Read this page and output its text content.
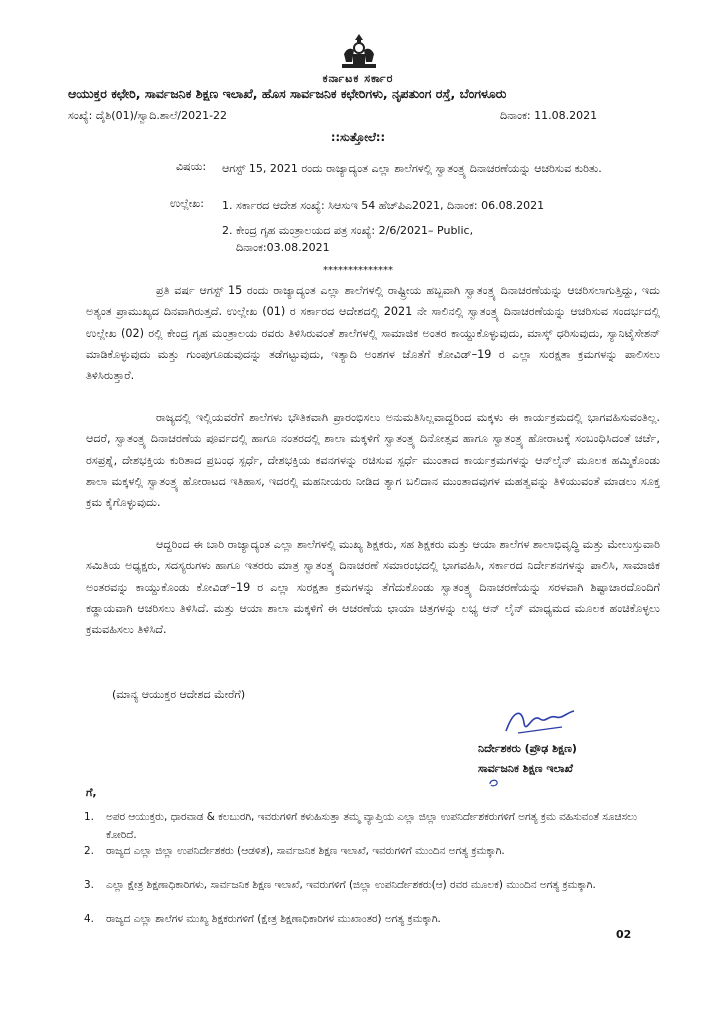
ಕರ್ನಾಟಕ ಸರ್ಕಾರ
ಆಯುಕ್ತರ ಕಛೇರಿ, ಸಾರ್ವಜನಿಕ ಶಿಕ್ಷಣ ಇಲಾಖೆ, ಹೊಸ ಸಾರ್ವಜನಿಕ ಕಛೇರಿಗಳು, ನೃಪತುಂಗ ರಸ್ತೆ, ಬೆಂಗಳೂರು
ಸಂಖ್ಯೆ: ದೈಶಿ(01)/ಸ್ವಾದಿ.ಶಾಲೆ/2021-22	ದಿನಾಂಕ: 11.08.2021
::ಸುತ್ತೋಲೆ::
ವಿಷಯ: ಆಗಸ್ಟ್ 15, 2021 ರಂದು ರಾಜ್ಯಾದ್ಯಂತ ಎಲ್ಲಾ ಶಾಲೆಗಳಲ್ಲಿ ಸ್ವಾತಂತ್ರ್ಯ ದಿನಾಚರಣೆಯನ್ನು ಆಚರಿಸುವ ಕುರಿತು.
ಉಲ್ಲೇಖ: 1. ಸರ್ಕಾರದ ಆದೇಶ ಸಂಖ್ಯೆ: ಸಿಆಸುಇ 54 ಹೆಚ್‌ಪಿಎ2021, ದಿನಾಂಕ: 06.08.2021
2. ಕೇಂದ್ರ ಗೃಹ ಮಂತ್ರಾಲಯದ ಪತ್ರ ಸಂಖ್ಯೆ: 2/6/2021– Public,
ದಿನಾಂಕ:03.08.2021
**************
ಪ್ರತಿ ವರ್ಷ ಆಗಸ್ಟ್ 15 ರಂದು ರಾಜ್ಯಾದ್ಯಂತ ಎಲ್ಲಾ ಶಾಲೆಗಳಲ್ಲಿ ರಾಷ್ಟ್ರೀಯ ಹಬ್ಬವಾಗಿ ಸ್ವಾತಂತ್ರ್ಯ ದಿನಾಚರಣೆಯನ್ನು ಆಚರಿಸಲಾಗುತ್ತಿದ್ದು, ಇದು ಅತ್ಯಂತ ಪ್ರಾಮುಖ್ಯದ ದಿನವಾಗಿರುತ್ತದೆ. ಉಲ್ಲೇಖ (01) ರ ಸರ್ಕಾರದ ಆದೇಶದಲ್ಲಿ 2021 ನೇ ಸಾಲಿನಲ್ಲಿ ಸ್ವಾತಂತ್ರ್ಯ ದಿನಾಚರಣೆಯನ್ನು ಆಚರಿಸುವ ಸಂದರ್ಭದಲ್ಲಿ ಉಲ್ಲೇಖ (02) ರಲ್ಲಿ ಕೇಂದ್ರ ಗೃಹ ಮಂತ್ರಾಲಯ ರವರು ತಿಳಿಸಿರುವಂತೆ ಶಾಲೆಗಳಲ್ಲಿ ಸಾಮಾಜಿಕ ಅಂತರ ಕಾಯ್ದುಕೊಳ್ಳುವುದು, ಮಾಸ್ಕ್ ಧರಿಸುವುದು, ಸ್ಯಾನಿಟೈಸೇಶನ್ ಮಾಡಿಕೊಳ್ಳುವುದು ಮತ್ತು ಗುಂಪುಗೂಡುವುದನ್ನು ತಡೆಗಟ್ಟುವುದು, ಇತ್ಯಾದಿ ಅಂಶಗಳ ಜೊತೆಗೆ ಕೋವಿಡ್–19 ರ ಎಲ್ಲಾ ಸುರಕ್ಷತಾ ಕ್ರಮಗಳನ್ನು ಪಾಲಿಸಲು ತಿಳಿಸಿರುತ್ತಾರೆ.
ರಾಜ್ಯದಲ್ಲಿ ಇಲ್ಲಿಯವರೆಗೆ ಶಾಲೆಗಳು ಭೌತಿಕವಾಗಿ ಪ್ರಾರಂಭಿಸಲು ಅನುಮತಿಸಿಲ್ಲವಾದ್ದರಿಂದ ಮಕ್ಕಳು ಈ ಕಾರ್ಯಕ್ರಮದಲ್ಲಿ ಭಾಗವಹಿಸುವಂತಿಲ್ಲ. ಆದರೆ, ಸ್ವಾತಂತ್ರ್ಯ ದಿನಾಚರಣೆಯ ಪೂರ್ವದಲ್ಲಿ ಹಾಗೂ ನಂತರದಲ್ಲಿ ಶಾಲಾ ಮಕ್ಕಳಿಗೆ ಸ್ವಾತಂತ್ರ್ಯ ದಿನೋತ್ಸವ ಹಾಗೂ ಸ್ವಾತಂತ್ರ್ಯ ಹೋರಾಟಕ್ಕೆ ಸಂಬಂಧಿಸಿದಂತೆ ಚರ್ಚೆ, ರಸಪ್ರಶ್ನೆ, ದೇಶಭಕ್ತಿಯ ಕುರಿತಾದ ಪ್ರಬಂಧ ಸ್ಪರ್ಧೆ, ದೇಶಭಕ್ತಿಯ ಕವನಗಳನ್ನು ರಚಿಸುವ ಸ್ಪರ್ಧೆ ಮುಂತಾದ ಕಾರ್ಯಕ್ರಮಗಳನ್ನು ಆನ್‌ಲೈನ್ ಮೂಲಕ ಹಮ್ಮಿಕೊಂಡು ಶಾಲಾ ಮಕ್ಕಳಲ್ಲಿ ಸ್ವಾತಂತ್ರ್ಯ ಹೋರಾಟದ ಇತಿಹಾಸ, ಇದರಲ್ಲಿ ಮಹನೀಯರು ನೀಡಿದ ತ್ಯಾಗ ಬಲಿದಾನ ಮುಂತಾದವುಗಳ ಮಹತ್ವವನ್ನು ತಿಳಿಯುವಂತೆ ಮಾಡಲು ಸೂಕ್ತ ಕ್ರಮ ಕೈಗೊಳ್ಳುವುದು.
ಆದ್ದರಿಂದ ಈ ಬಾರಿ ರಾಜ್ಯಾದ್ಯಂತ ಎಲ್ಲಾ ಶಾಲೆಗಳಲ್ಲಿ ಮುಖ್ಯ ಶಿಕ್ಷಕರು, ಸಹ ಶಿಕ್ಷಕರು ಮತ್ತು ಆಯಾ ಶಾಲೆಗಳ ಶಾಲಾಭಿವೃದ್ಧಿ ಮತ್ತು ಮೇಲುಸ್ತುವಾರಿ ಸಮಿತಿಯ ಅಧ್ಯಕ್ಷರು, ಸದಸ್ಯರುಗಳು ಹಾಗೂ ಇತರರು ಮಾತ್ರ ಸ್ವಾತಂತ್ರ್ಯ ದಿನಾಚರಣೆ ಸಮಾರಂಭದಲ್ಲಿ ಭಾಗವಹಿಸಿ, ಸರ್ಕಾರದ ನಿರ್ದೇಶನಗಳನ್ನು ಪಾಲಿಸಿ, ಸಾಮಾಜಿಕ ಅಂತರವನ್ನು ಕಾಯ್ದುಕೊಂಡು ಕೋವಿಡ್–19 ರ ಎಲ್ಲಾ ಸುರಕ್ಷತಾ ಕ್ರಮಗಳನ್ನು ತೆಗೆದುಕೊಂಡು ಸ್ವಾತಂತ್ರ್ಯ ದಿನಾಚರಣೆಯನ್ನು ಸರಳವಾಗಿ ಶಿಷ್ಟಾಚಾರದೊಂದಿಗೆ ಕಡ್ಡಾಯವಾಗಿ ಆಚರಿಸಲು ತಿಳಿಸಿದೆ. ಮತ್ತು ಆಯಾ ಶಾಲಾ ಮಕ್ಕಳಿಗೆ ಈ ಆಚರಣೆಯ ಛಾಯಾ ಚಿತ್ರಗಳನ್ನು ಲಭ್ಯ ಆನ್ ಲೈನ್ ಮಾಧ್ಯಮದ ಮೂಲಕ ಹಂಚಿಕೊಳ್ಳಲು ಕ್ರಮವಹಿಸಲು ತಿಳಿಸಿದೆ.
(ಮಾನ್ಯ ಆಯುಕ್ತರ ಆದೇಶದ ಮೇರೆಗೆ)
ನಿರ್ದೇಶಕರು (ಪ್ರೌಢ ಶಿಕ್ಷಣ)
ಸಾರ್ವಜನಿಕ ಶಿಕ್ಷಣ ಇಲಾಖೆ
ಗೆ,
1. ಅಪರ ಆಯುಕ್ತರು, ಧಾರವಾಡ & ಕಲಬುರಗಿ, ಇವರುಗಳಿಗೆ ಕಳುಹಿಸುತ್ತಾ ತಮ್ಮ ವ್ಯಾಪ್ತಿಯ ಎಲ್ಲಾ ಜಿಲ್ಲಾ ಉಪನಿರ್ದೇಶಕರುಗಳಿಗೆ ಅಗತ್ಯ ಕ್ರಮ ವಹಿಸುವಂತೆ ಸೂಚಿಸಲು ಕೋರಿದೆ.
2. ರಾಜ್ಯದ ಎಲ್ಲಾ ಜಿಲ್ಲಾ ಉಪನಿರ್ದೇಶಕರು (ಆಡಳಿತ), ಸಾರ್ವಜನಿಕ ಶಿಕ್ಷಣ ಇಲಾಖೆ, ಇವರುಗಳಿಗೆ ಮುಂದಿನ ಅಗತ್ಯ ಕ್ರಮಕ್ಕಾಗಿ.
3. ಎಲ್ಲಾ ಕ್ಷೇತ್ರ ಶಿಕ್ಷಣಾಧಿಕಾರಿಗಳು, ಸಾರ್ವಜನಿಕ ಶಿಕ್ಷಣ ಇಲಾಖೆ, ಇವರುಗಳಿಗೆ (ಜಿಲ್ಲಾ ಉಪನಿರ್ದೇಶಕರು(ಆ) ರವರ ಮೂಲಕ) ಮುಂದಿನ ಅಗತ್ಯ ಕ್ರಮಕ್ಕಾಗಿ.
4. ರಾಜ್ಯದ ಎಲ್ಲಾ ಶಾಲೆಗಳ ಮುಖ್ಯ ಶಿಕ್ಷಕರುಗಳಿಗೆ (ಕ್ಷೇತ್ರ ಶಿಕ್ಷಣಾಧಿಕಾರಿಗಳ ಮುಖಾಂತರ) ಅಗತ್ಯ ಕ್ರಮಕ್ಕಾಗಿ.
02
